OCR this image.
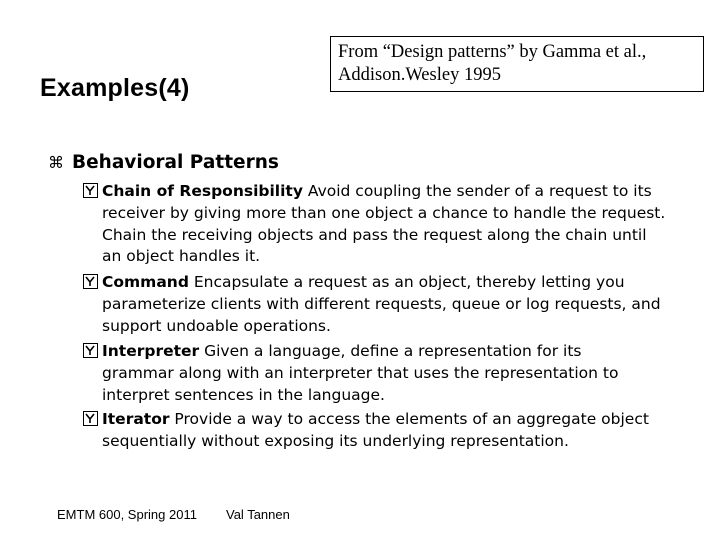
Examples(4)
From “Design patterns” by Gamma et al.,
Addison.Wesley 1995
⌘ Behavioral Patterns
Chain of Responsibility Avoid coupling the sender of a request to its
receiver by giving more than one object a chance to handle the request.
Chain the receiving objects and pass the request along the chain until
an object handles it.
Command Encapsulate a request as an object, thereby letting you
parameterize clients with different requests, queue or log requests, and
support undoable operations.
Interpreter Given a language, define a representation for its
grammar along with an interpreter that uses the representation to
interpret sentences in the language.
Iterator Provide a way to access the elements of an aggregate object
sequentially without exposing its underlying representation.
EMTM 600, Spring 2011 Val Tannen
